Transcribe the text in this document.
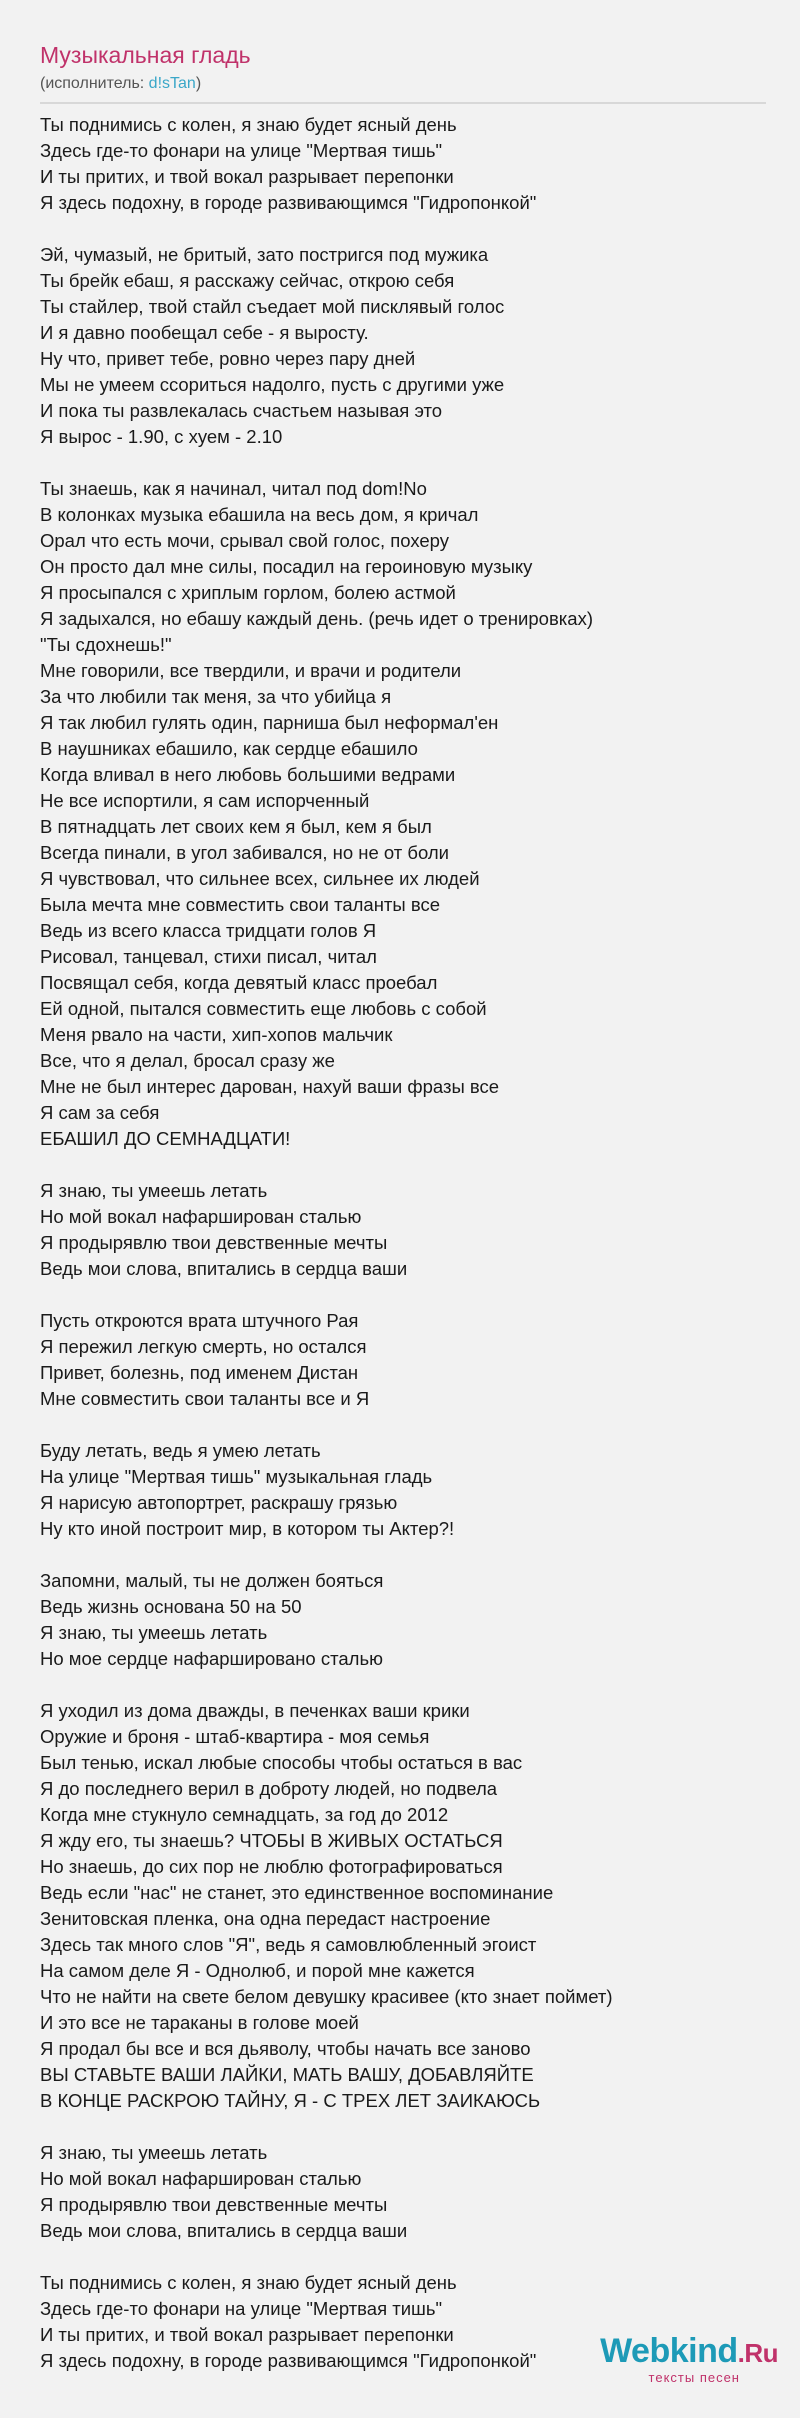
Музыкальная гладь
(исполнитель: d!sTan)
Ты поднимись с колен, я знаю будет ясный день
Здесь где-то фонари на улице "Мертвая тишь"
И ты притих, и твой вокал разрывает перепонки
Я здесь подохну, в городе развивающимся "Гидропонкой"
Эй, чумазый, не бритый, зато постригся под мужика
Ты брейк ебаш, я расскажу сейчас, открою себя
Ты стайлер, твой стайл съедает мой писклявый голос
И я давно пообещал себе - я выросту.
Ну что, привет тебе, ровно через пару дней
Мы не умеем ссориться надолго, пусть с другими уже
И пока ты развлекалась счастьем называя это
Я вырос - 1.90, с хуем - 2.10
Ты знаешь, как я начинал, читал под dom!No
В колонках музыка ебашила на весь дом, я кричал
Орал что есть мочи, срывал свой голос, похеру
Он просто дал мне силы, посадил на героиновую музыку
Я просыпался с хриплым горлом, болею астмой
Я задыхался, но ебашу каждый день. (речь идет о тренировках)
"Ты сдохнешь!"
Мне говорили, все твердили, и врачи и родители
За что любили так меня, за что убийца я
Я так любил гулять один, парниша был неформал'ен
В наушниках ебашило, как сердце ебашило
Когда вливал в него любовь большими ведрами
Не все испортили, я сам испорченный
В пятнадцать лет своих кем я был, кем я был
Всегда пинали, в угол забивался, но не от боли
Я чувствовал, что сильнее всех, сильнее их людей
Была мечта мне совместить свои таланты все
Ведь из всего класса тридцати голов Я
Рисовал, танцевал, стихи писал, читал
Посвящал себя, когда девятый класс проебал
Ей одной, пытался совместить еще любовь с собой
Меня рвало на части, хип-хопов мальчик
Все, что я делал, бросал сразу же
Мне не был интерес дарован, нахуй ваши фразы все
Я сам за себя
ЕБАШИЛ ДО СЕМНАДЦАТИ!
Я знаю, ты умеешь летать
Но мой вокал нафарширован сталью
Я продырявлю твои девственные мечты
Ведь мои слова, впитались в сердца ваши
Пусть откроются врата штучного Рая
Я пережил легкую смерть, но остался
Привет, болезнь, под именем Дистан
Мне совместить свои таланты все и Я
Буду летать, ведь я умею летать
На улице "Мертвая тишь" музыкальная гладь
Я нарисую автопортрет, раскрашу грязью
Ну кто иной построит мир, в котором ты Актер?!
Запомни, малый, ты не должен бояться
Ведь жизнь основана 50 на 50
Я знаю, ты умеешь летать
Но мое сердце нафаршировано сталью
Я уходил из дома дважды, в печенках ваши крики
Оружие и броня - штаб-квартира - моя семья
Был тенью, искал любые способы чтобы остаться в вас
Я до последнего верил в доброту людей, но подвела
Когда мне стукнуло семнадцать, за год до 2012
Я жду его, ты знаешь? ЧТОБЫ В ЖИВЫХ ОСТАТЬСЯ
Но знаешь, до сих пор не люблю фотографироваться
Ведь если "нас" не станет, это единственное воспоминание
Зенитовская пленка, она одна передаст настроение
Здесь так много слов "Я", ведь я самовлюбленный эгоист
На самом деле Я - Однолюб, и порой мне кажется
Что не найти на свете белом девушку красивее (кто знает поймет)
И это все не тараканы в голове моей
Я продал бы все и вся дьяволу, чтобы начать все заново
ВЫ СТАВЬТЕ ВАШИ ЛАЙКИ, МАТЬ ВАШУ, ДОБАВЛЯЙТЕ
В КОНЦЕ РАСКРОЮ ТАЙНУ, Я - С ТРЕХ ЛЕТ ЗАИКАЮСЬ
Я знаю, ты умеешь летать
Но мой вокал нафарширован сталью
Я продырявлю твои девственные мечты
Ведь мои слова, впитались в сердца ваши
Ты поднимись с колен, я знаю будет ясный день
Здесь где-то фонари на улице "Мертвая тишь"
И ты притих, и твой вокал разрывает перепонки
Я здесь подохну, в городе развивающимся "Гидропонкой"	Webkind.Ru
тексты песен
